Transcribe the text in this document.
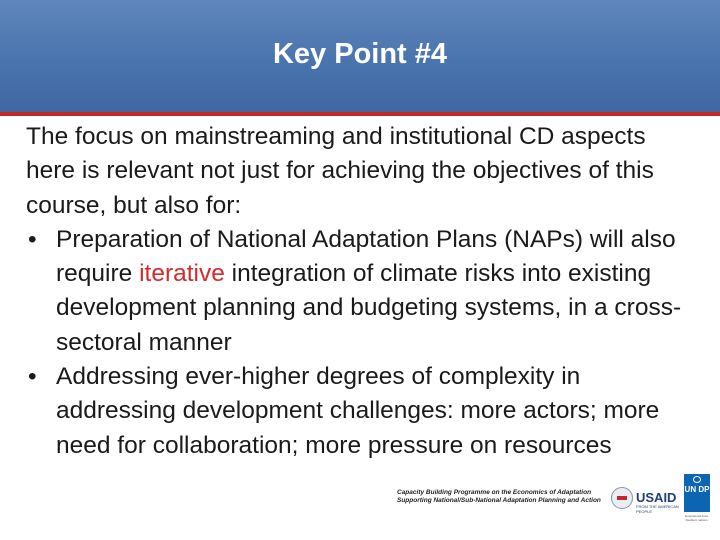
Key Point #4

The focus on mainstreaming and institutional CD aspects here is relevant not just for achieving the objectives of this course, but also for:

• Preparation of National Adaptation Plans (NAPs) will also require iterative integration of climate risks into existing development planning and budgeting systems, in a cross-sectoral manner
• Addressing ever-higher degrees of complexity in addressing development challenges: more actors; more need for collaboration; more pressure on resources
Capacity Building Programme on the Economics of Adaptation
Supporting National/Sub-National Adaptation Planning and Action	USAID
FROM THE AMERICAN PEOPLE
UN DP
Empowered lives. Resilient nations.
